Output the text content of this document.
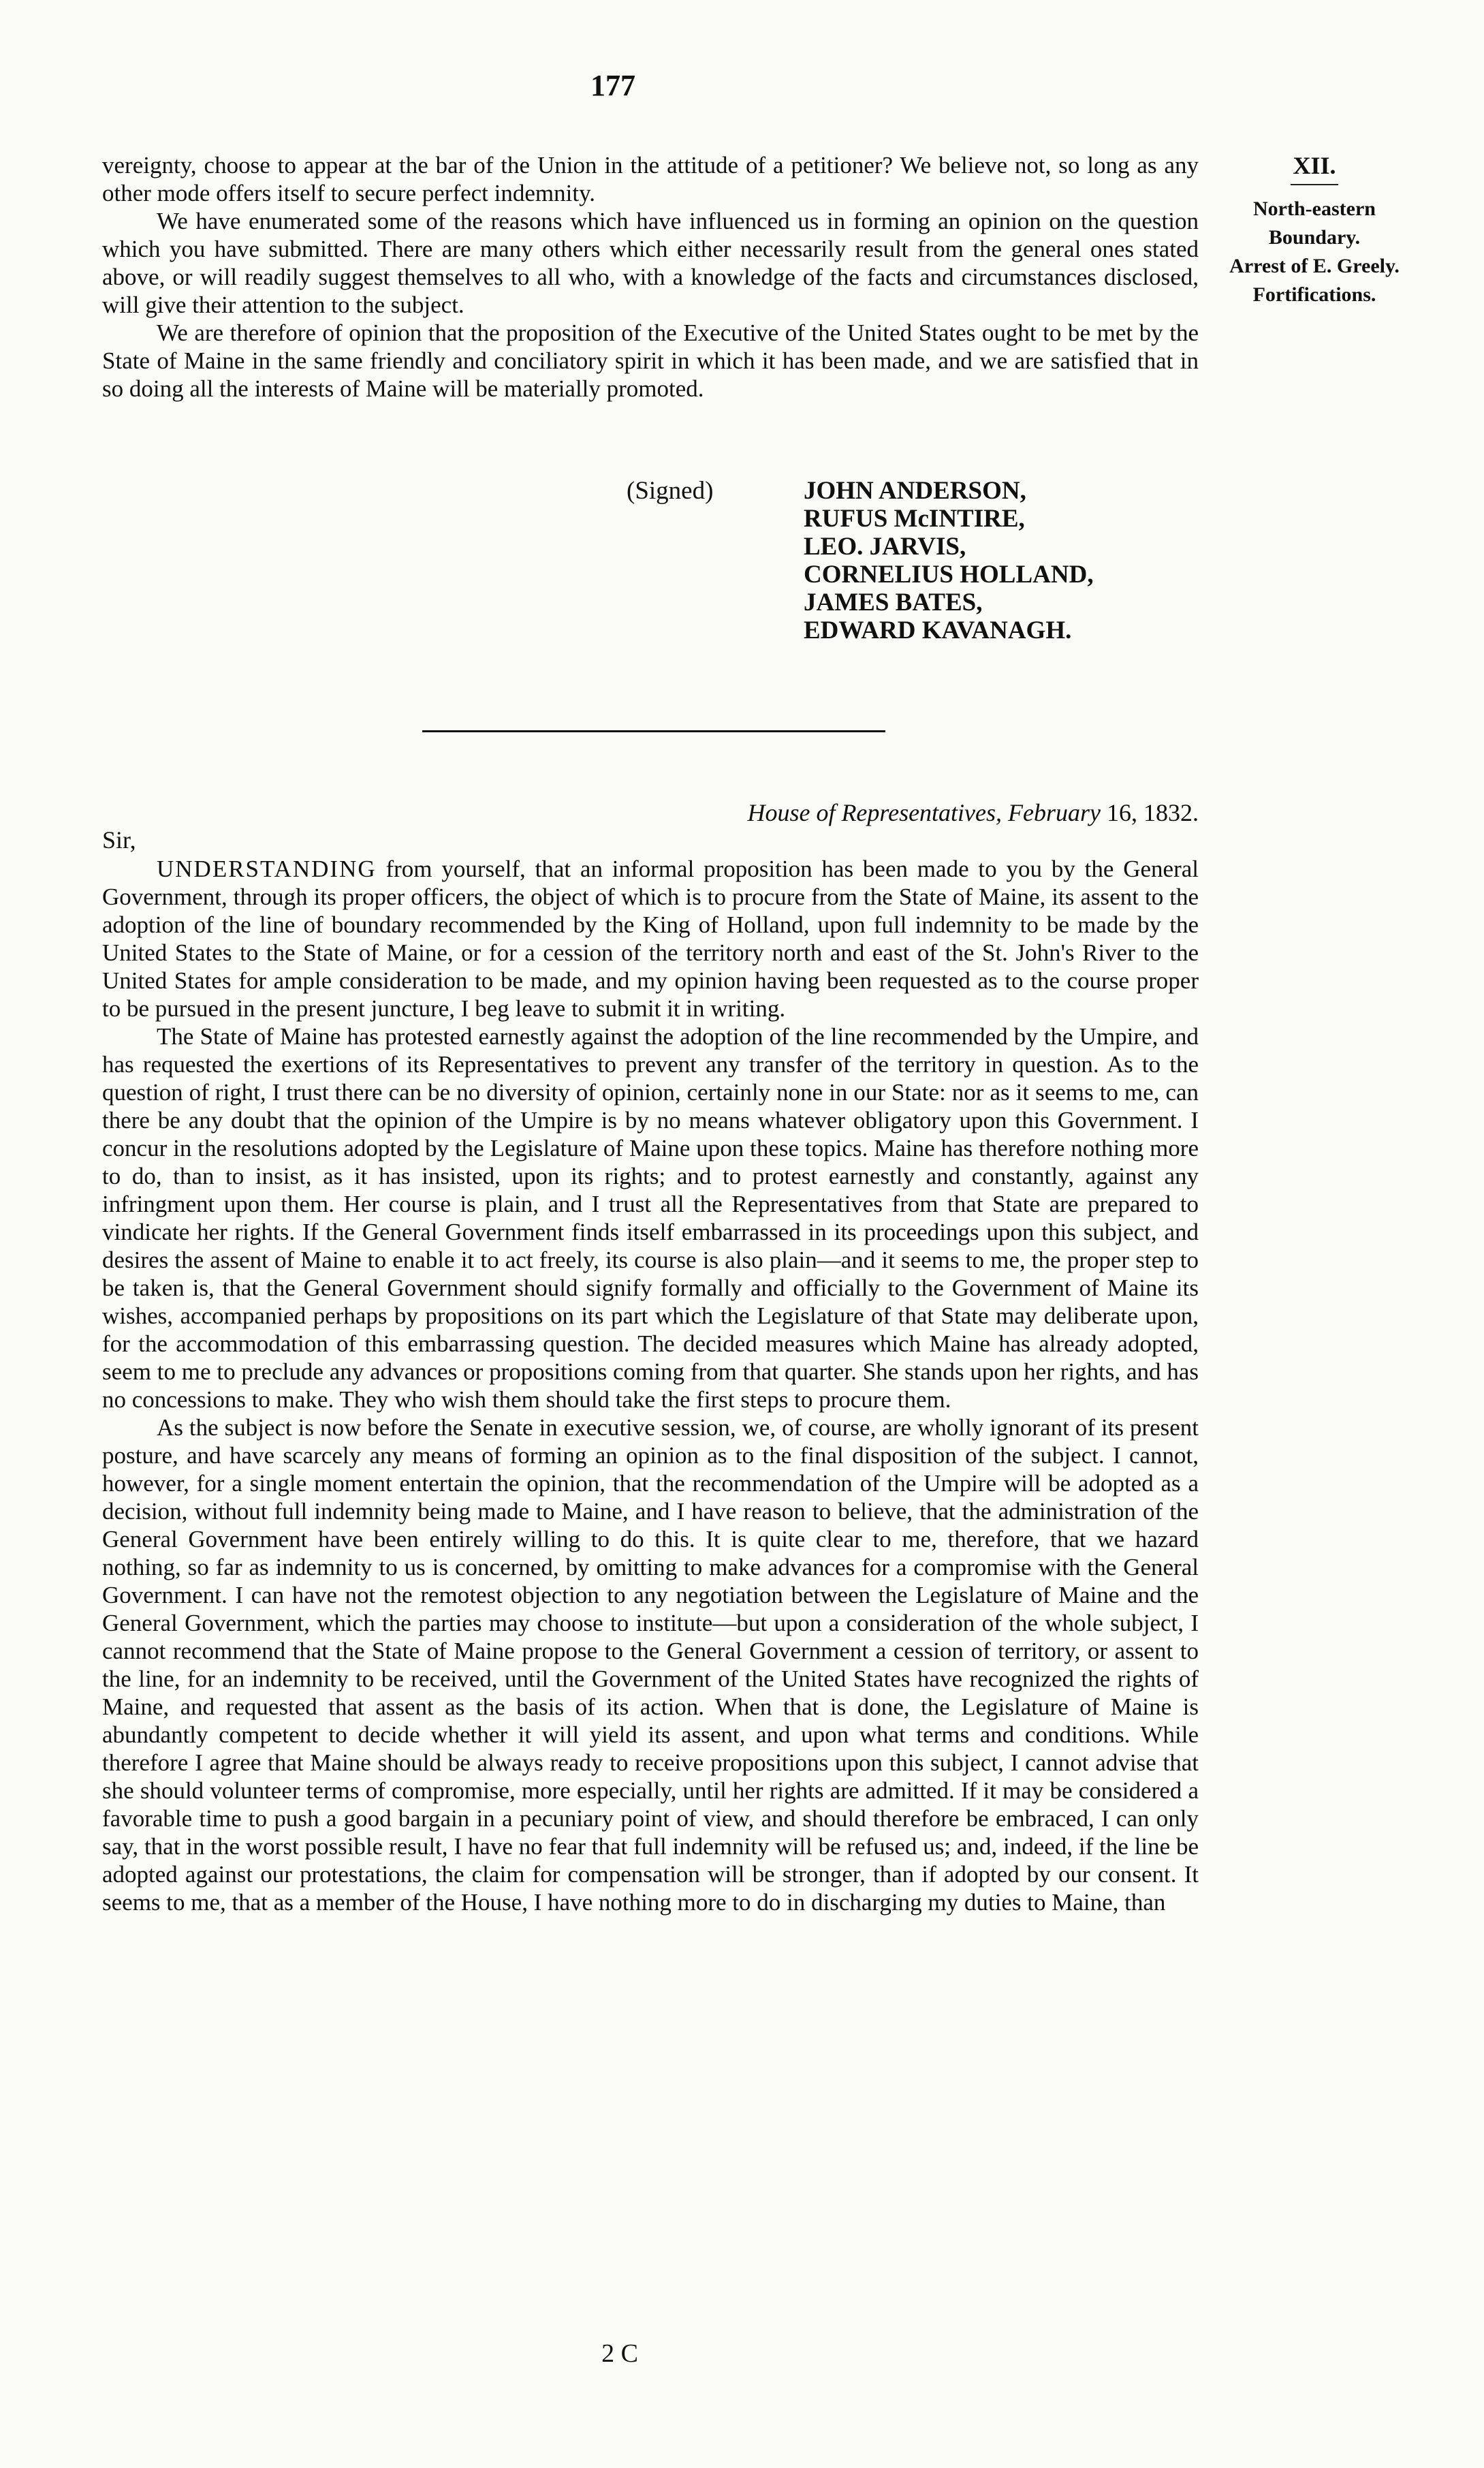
177
XII.
North-eastern
Boundary.
Arrest of E. Greely.
Fortifications.

vereignty, choose to appear at the bar of the Union in the attitude of a petitioner? We believe not, so long as any other mode offers itself to secure perfect indemnity.

We have enumerated some of the reasons which have influenced us in forming an opinion on the question which you have submitted. There are many others which either necessarily result from the general ones stated above, or will readily suggest themselves to all who, with a knowledge of the facts and circumstances disclosed, will give their attention to the subject.

We are therefore of opinion that the proposition of the Executive of the United States ought to be met by the State of Maine in the same friendly and conciliatory spirit in which it has been made, and we are satisfied that in so doing all the interests of Maine will be materially promoted.

(Signed)	JOHN ANDERSON,
RUFUS McINTIRE,
LEO. JARVIS,
CORNELIUS HOLLAND,
JAMES BATES,
EDWARD KAVANAGH.
House of Representatives, February 16, 1832.
Sir,

UNDERSTANDING from yourself, that an informal proposition has been made to you by the General Government, through its proper officers, the object of which is to procure from the State of Maine, its assent to the adoption of the line of boundary recommended by the King of Holland, upon full indemnity to be made by the United States to the State of Maine, or for a cession of the territory north and east of the St. John's River to the United States for ample consideration to be made, and my opinion having been requested as to the course proper to be pursued in the present juncture, I beg leave to submit it in writing.

The State of Maine has protested earnestly against the adoption of the line recommended by the Umpire, and has requested the exertions of its Representatives to prevent any transfer of the territory in question. As to the question of right, I trust there can be no diversity of opinion, certainly none in our State: nor as it seems to me, can there be any doubt that the opinion of the Umpire is by no means whatever obligatory upon this Government. I concur in the resolutions adopted by the Legislature of Maine upon these topics. Maine has therefore nothing more to do, than to insist, as it has insisted, upon its rights; and to protest earnestly and constantly, against any infringment upon them. Her course is plain, and I trust all the Representatives from that State are prepared to vindicate her rights. If the General Government finds itself embarrassed in its proceedings upon this subject, and desires the assent of Maine to enable it to act freely, its course is also plain—and it seems to me, the proper step to be taken is, that the General Government should signify formally and officially to the Government of Maine its wishes, accompanied perhaps by propositions on its part which the Legislature of that State may deliberate upon, for the accommodation of this embarrassing question. The decided measures which Maine has already adopted, seem to me to preclude any advances or propositions coming from that quarter. She stands upon her rights, and has no concessions to make. They who wish them should take the first steps to procure them.

As the subject is now before the Senate in executive session, we, of course, are wholly ignorant of its present posture, and have scarcely any means of forming an opinion as to the final disposition of the subject. I cannot, however, for a single moment entertain the opinion, that the recommendation of the Umpire will be adopted as a decision, without full indemnity being made to Maine, and I have reason to believe, that the administration of the General Government have been entirely willing to do this. It is quite clear to me, therefore, that we hazard nothing, so far as indemnity to us is concerned, by omitting to make advances for a compromise with the General Government. I can have not the remotest objection to any negotiation between the Legislature of Maine and the General Government, which the parties may choose to institute—but upon a consideration of the whole subject, I cannot recommend that the State of Maine propose to the General Government a cession of territory, or assent to the line, for an indemnity to be received, until the Government of the United States have recognized the rights of Maine, and requested that assent as the basis of its action. When that is done, the Legislature of Maine is abundantly competent to decide whether it will yield its assent, and upon what terms and conditions. While therefore I agree that Maine should be always ready to receive propositions upon this subject, I cannot advise that she should volunteer terms of compromise, more especially, until her rights are admitted. If it may be considered a favorable time to push a good bargain in a pecuniary point of view, and should therefore be embraced, I can only say, that in the worst possible result, I have no fear that full indemnity will be refused us; and, indeed, if the line be adopted against our protestations, the claim for compensation will be stronger, than if adopted by our consent. It seems to me, that as a member of the House, I have nothing more to do in discharging my duties to Maine, than

2 C
